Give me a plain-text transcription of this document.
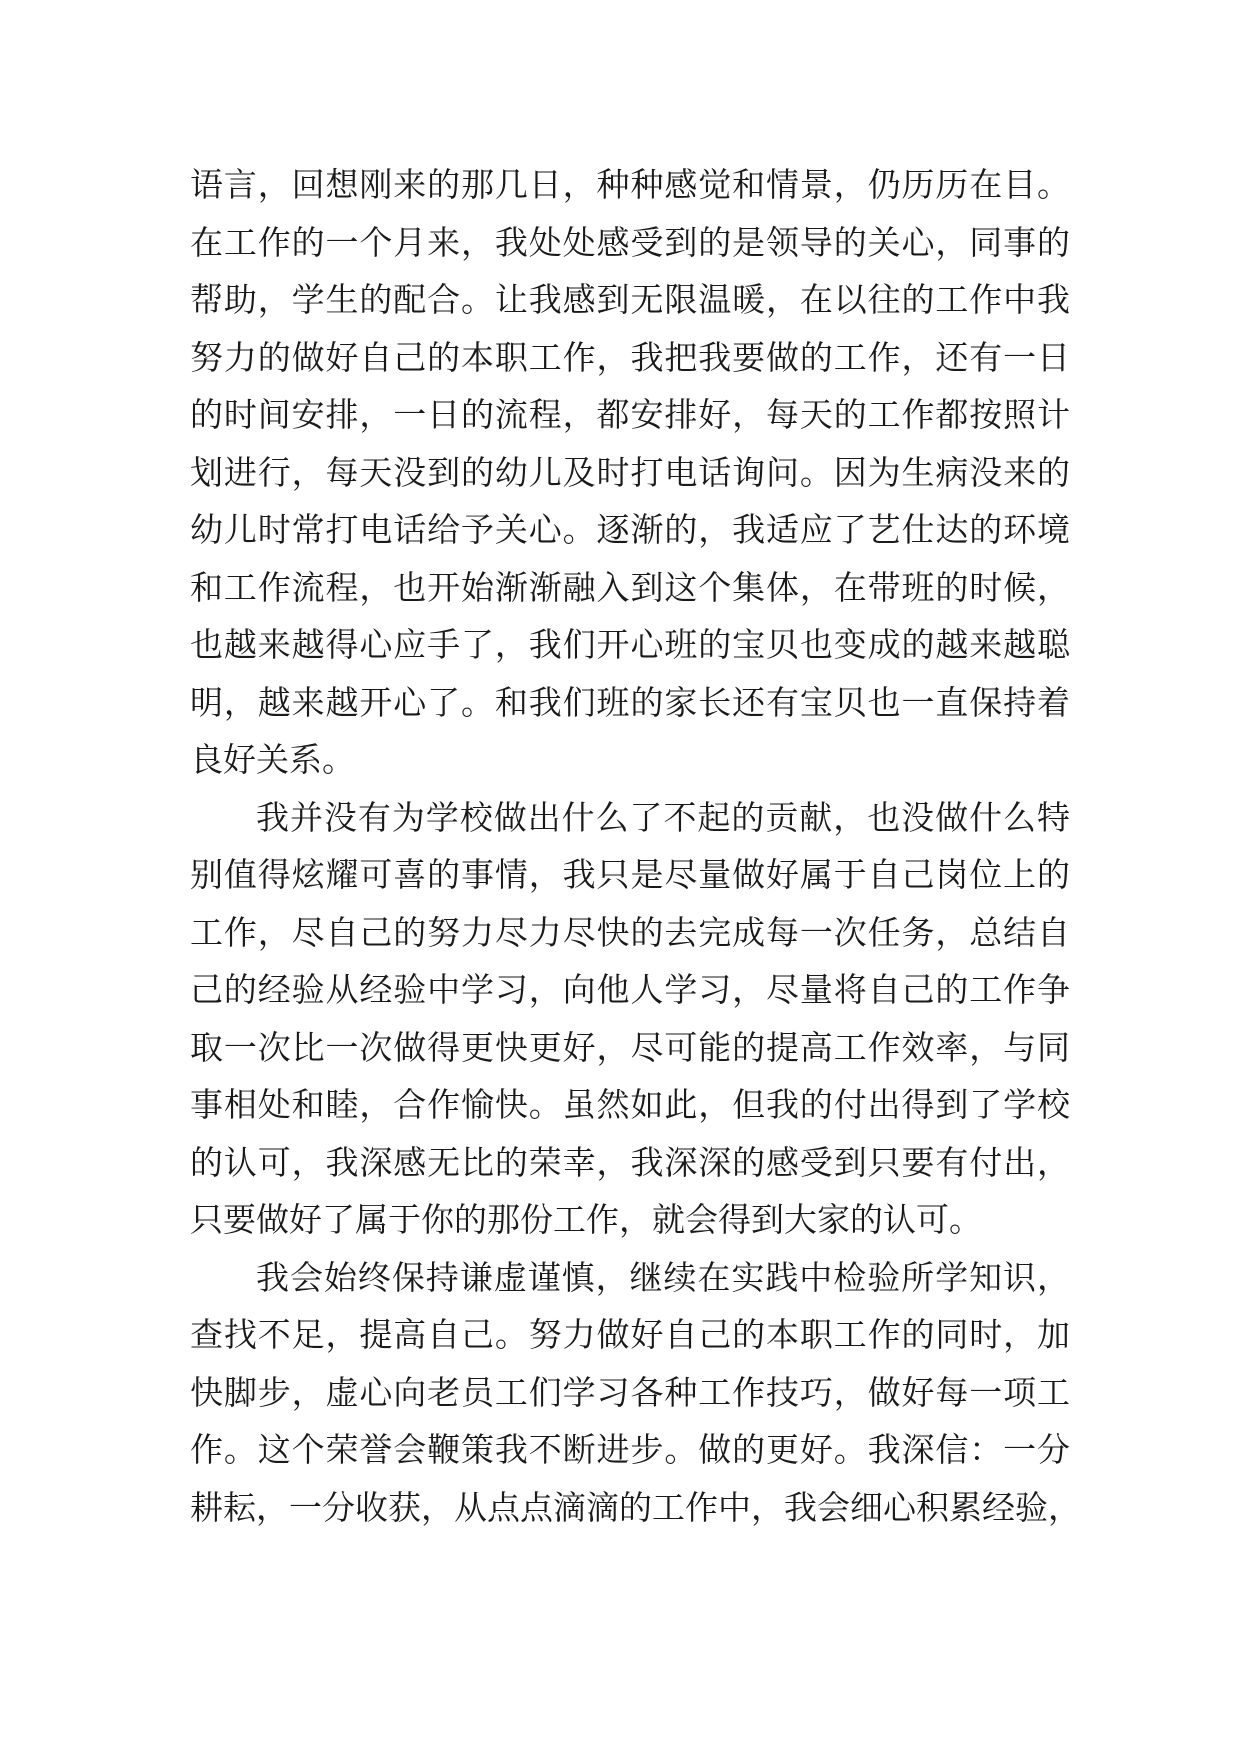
语言，回想刚来的那几日，种种感觉和情景，仍历历在目。
在工作的一个月来，我处处感受到的是领导的关心，同事的
帮助，学生的配合。让我感到无限温暖，在以往的工作中我
努力的做好自己的本职工作，我把我要做的工作，还有一日
的时间安排，一日的流程，都安排好，每天的工作都按照计
划进行，每天没到的幼儿及时打电话询问。因为生病没来的
幼儿时常打电话给予关心。逐渐的，我适应了艺仕达的环境
和工作流程，也开始渐渐融入到这个集体，在带班的时候，
也越来越得心应手了，我们开心班的宝贝也变成的越来越聪
明，越来越开心了。和我们班的家长还有宝贝也一直保持着
良好关系。
我并没有为学校做出什么了不起的贡献，也没做什么特
别值得炫耀可喜的事情，我只是尽量做好属于自己岗位上的
工作，尽自己的努力尽力尽快的去完成每一次任务，总结自
己的经验从经验中学习，向他人学习，尽量将自己的工作争
取一次比一次做得更快更好，尽可能的提高工作效率，与同
事相处和睦，合作愉快。虽然如此，但我的付出得到了学校
的认可，我深感无比的荣幸，我深深的感受到只要有付出，
只要做好了属于你的那份工作，就会得到大家的认可。
我会始终保持谦虚谨慎，继续在实践中检验所学知识，
查找不足，提高自己。努力做好自己的本职工作的同时，加
快脚步，虚心向老员工们学习各种工作技巧，做好每一项工
作。这个荣誉会鞭策我不断进步。做的更好。我深信：一分
耕耘，一分收获，从点点滴滴的工作中，我会细心积累经验，
